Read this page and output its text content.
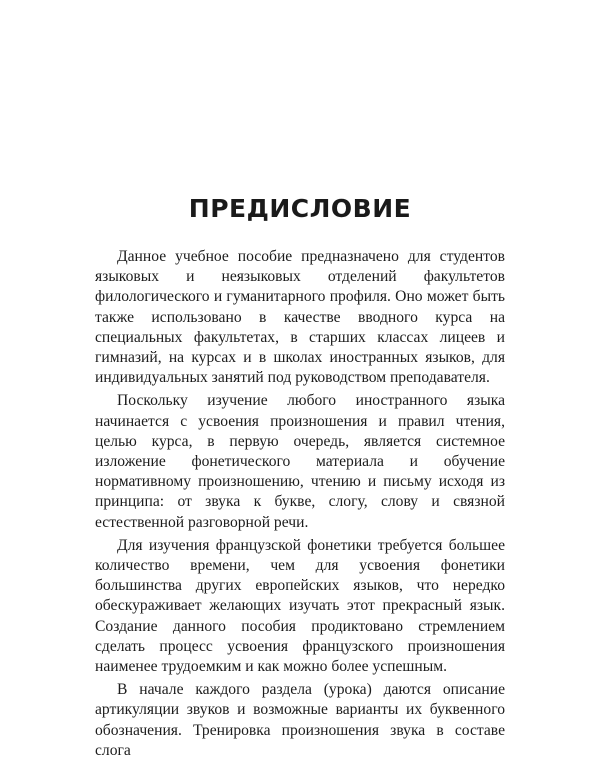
ПРЕДИСЛОВИЕ

Данное учебное пособие предназначено для студентов языковых и неязыковых отделений факультетов филологического и гуманитарного профиля. Оно может быть также использовано в качестве вводного курса на специальных факультетах, в старших классах лицеев и гимназий, на курсах и в школах иностранных языков, для индивидуальных занятий под руководством преподавателя.

Поскольку изучение любого иностранного языка начинается с усвоения произношения и правил чтения, целью курса, в первую очередь, является системное изложение фонетического материала и обучение нормативному произношению, чтению и письму исходя из принципа: от звука к букве, слогу, слову и связной естественной разговорной речи.

Для изучения французской фонетики требуется большее количество времени, чем для усвоения фонетики большинства других европейских языков, что нередко обескураживает желающих изучать этот прекрасный язык. Создание данного пособия продиктовано стремлением сделать процесс усвоения французского произношения наименее трудоемким и как можно более успешным.

В начале каждого раздела (урока) даются описание артикуляции звуков и возможные варианты их буквенного обозначения. Тренировка произношения звука в составе слога
